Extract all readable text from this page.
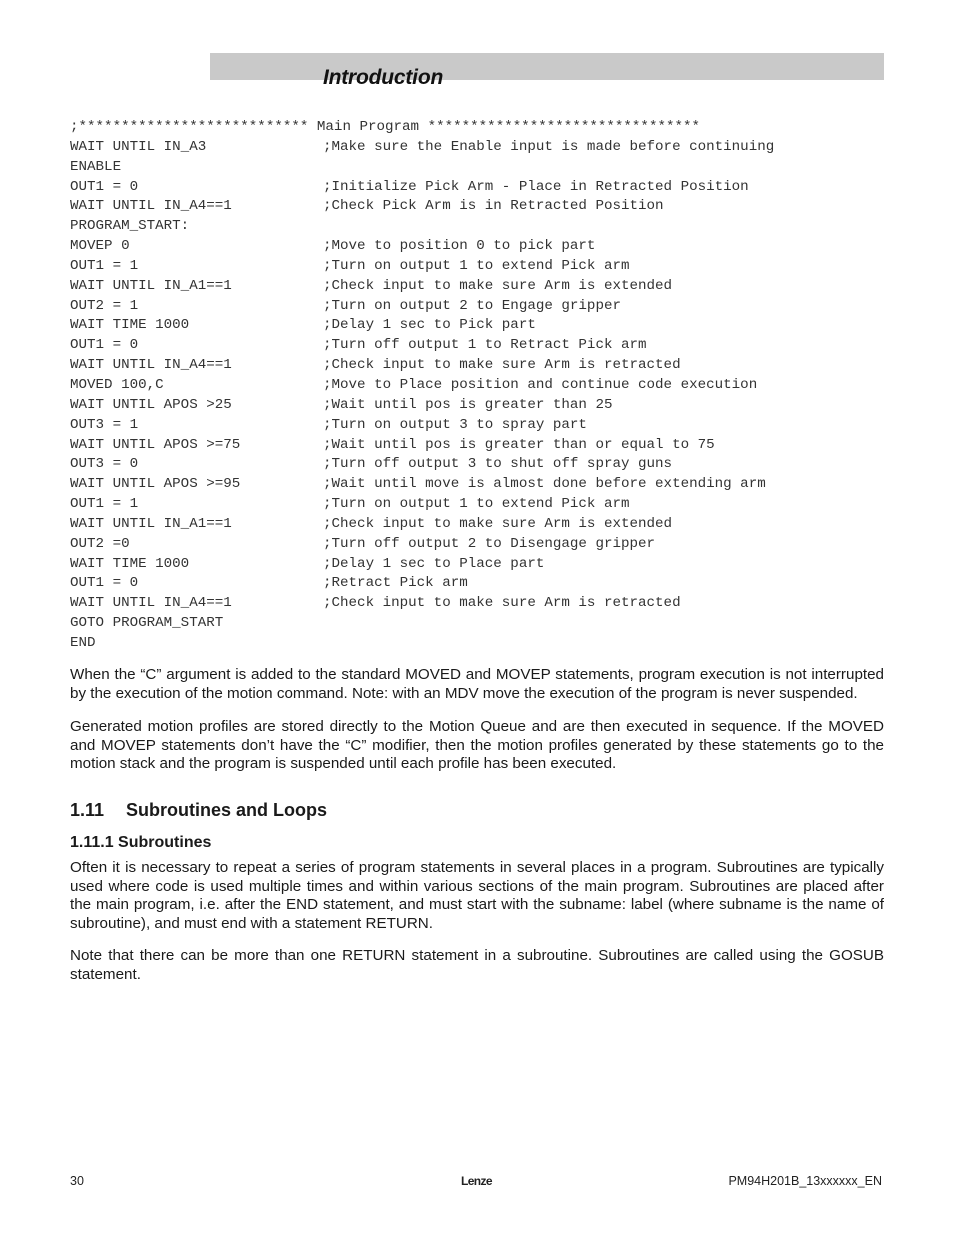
Introduction
;*************************** Main Program ********************************
WAIT UNTIL IN_A3	;Make sure the Enable input is made before continuing
ENABLE
OUT1 = 0	;Initialize Pick Arm - Place in Retracted Position
WAIT UNTIL IN_A4==1	;Check Pick Arm is in Retracted Position
PROGRAM_START:
MOVEP 0	;Move to position 0 to pick part
OUT1 = 1	;Turn on output 1 to extend Pick arm
WAIT UNTIL IN_A1==1	;Check input to make sure Arm is extended
OUT2 = 1	;Turn on output 2 to Engage gripper
WAIT TIME 1000	;Delay 1 sec to Pick part
OUT1 = 0	;Turn off output 1 to Retract Pick arm
WAIT UNTIL IN_A4==1	;Check input to make sure Arm is retracted
MOVED 100,C	;Move to Place position and continue code execution
WAIT UNTIL APOS >25	;Wait until pos is greater than 25
OUT3 = 1	;Turn on output 3 to spray part
WAIT UNTIL APOS >=75	;Wait until pos is greater than or equal to 75
OUT3 = 0	;Turn off output 3 to shut off spray guns
WAIT UNTIL APOS >=95	;Wait until move is almost done before extending arm
OUT1 = 1	;Turn on output 1 to extend Pick arm
WAIT UNTIL IN_A1==1	;Check input to make sure Arm is extended
OUT2 =0	;Turn off output 2 to Disengage gripper
WAIT TIME 1000	;Delay 1 sec to Place part
OUT1 = 0	;Retract Pick arm
WAIT UNTIL IN_A4==1	;Check input to make sure Arm is retracted
GOTO PROGRAM_START
END
When the “C” argument is added to the standard MOVED and MOVEP statements, program execution is not interrupted by the execution of the motion command. Note: with an MDV move the execution of the program is never suspended.
Generated motion profiles are stored directly to the Motion Queue and are then executed in sequence. If the MOVED and MOVEP statements don’t have the “C” modifier, then the motion profiles generated by these statements go to the motion stack and the program is suspended until each profile has been executed.
1.11 Subroutines and Loops
1.11.1 Subroutines
Often it is necessary to repeat a series of program statements in several places in a program. Subroutines are typically used where code is used multiple times and within various sections of the main program. Subroutines are placed after the main program, i.e. after the END statement, and must start with the subname: label (where subname is the name of subroutine), and must end with a statement RETURN.
Note that there can be more than one RETURN statement in a subroutine. Subroutines are called using the GOSUB statement.
30	Lenze	PM94H201B_13xxxxxx_EN
